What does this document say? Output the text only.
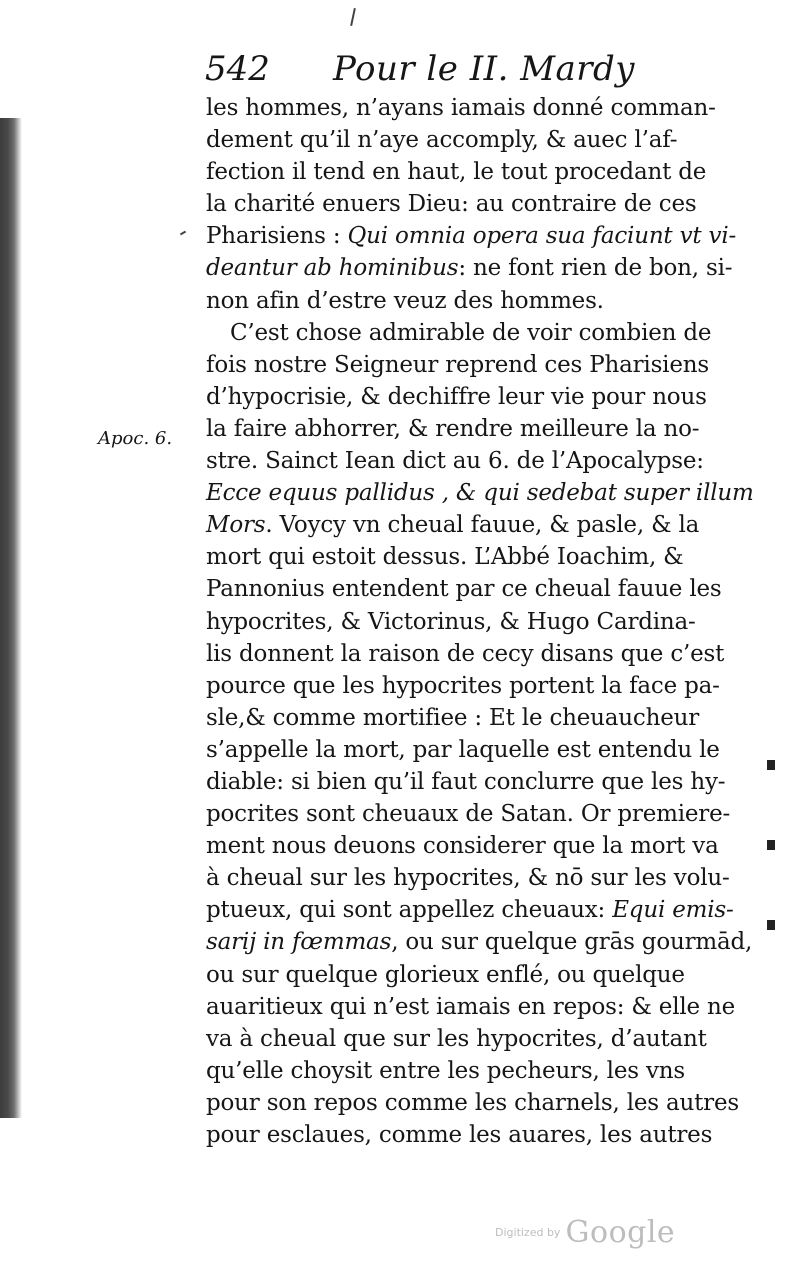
542 Pour le II. Mardy
Apoc. 6.
les hommes, n’ayans iamais donné comman-
dement qu’il n’aye accomply, & auec l’af-
fection il tend en haut, le tout procedant de
la charité enuers Dieu: au contraire de ces
Pharisiens : Qui omnia opera sua faciunt vt vi-
deantur ab hominibus: ne font rien de bon, si-
non afin d’estre veuz des hommes.
C’est chose admirable de voir combien de
fois nostre Seigneur reprend ces Pharisiens
d’hypocrisie, & dechiffre leur vie pour nous
la faire abhorrer, & rendre meilleure la no-
stre. Sainct Iean dict au 6. de l’Apocalypse:
Ecce equus pallidus , & qui sedebat super illum
Mors. Voycy vn cheual fauue, & pasle, & la
mort qui estoit dessus. L’Abbé Ioachim, &
Pannonius entendent par ce cheual fauue les
hypocrites, & Victorinus, & Hugo Cardina-
lis donnent la raison de cecy disans que c’est
pource que les hypocrites portent la face pa-
sle,& comme mortifiee : Et le cheuaucheur
s’appelle la mort, par laquelle est entendu le
diable: si bien qu’il faut conclurre que les hy-
pocrites sont cheuaux de Satan. Or premiere-
ment nous deuons considerer que la mort va
à cheual sur les hypocrites, & nō sur les volu-
ptueux, qui sont appellez cheuaux: Equi emis-
sarij in fœmmas, ou sur quelque grās gourmād,
ou sur quelque glorieux enflé, ou quelque
auaritieux qui n’est iamais en repos: & elle ne
va à cheual que sur les hypocrites, d’autant
qu’elle choysit entre les pecheurs, les vns
pour son repos comme les charnels, les autres
pour esclaues, comme les auares, les autres
Digitized by Google
